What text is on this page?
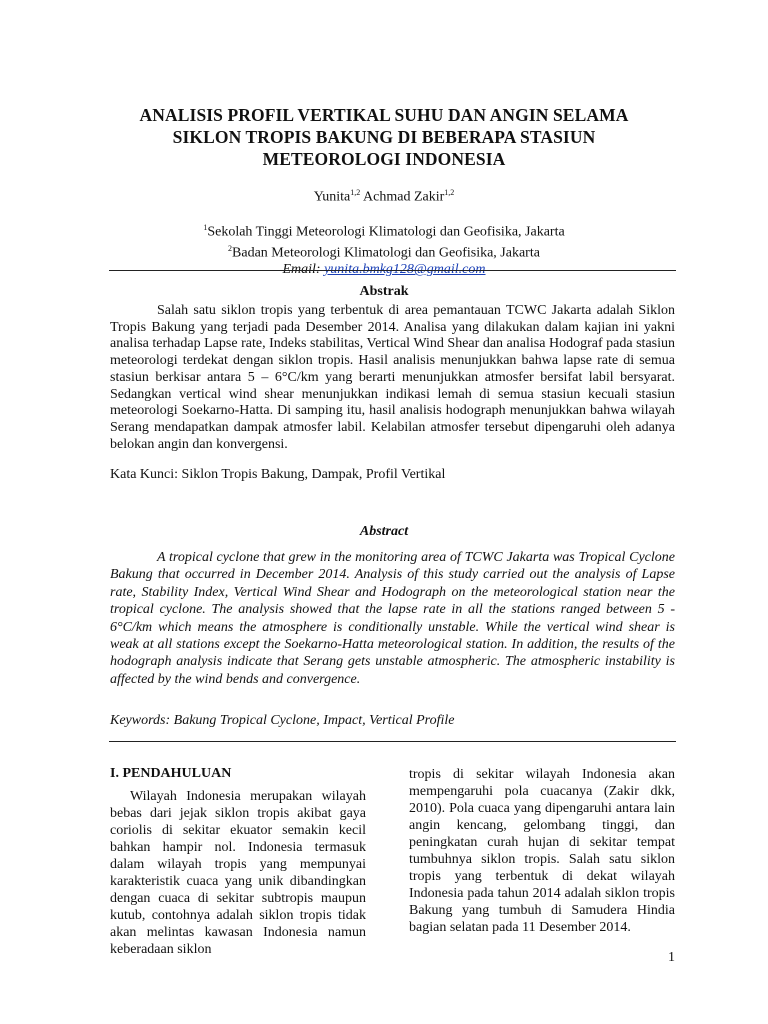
ANALISIS PROFIL VERTIKAL SUHU DAN ANGIN SELAMA
SIKLON TROPIS BAKUNG DI BEBERAPA STASIUN
METEOROLOGI INDONESIA
Yunita$^{1,2}$ Achmad Zakir$^{1,2}$
$^1$Sekolah Tinggi Meteorologi Klimatologi dan Geofisika, Jakarta
$^2$Badan Meteorologi Klimatologi dan Geofisika, Jakarta
Email: yunita.bmkg128@gmail.com
Abstrak

Salah satu siklon tropis yang terbentuk di area pemantauan TCWC Jakarta adalah Siklon Tropis Bakung yang terjadi pada Desember 2014. Analisa yang dilakukan dalam kajian ini yakni analisa terhadap Lapse rate, Indeks stabilitas, Vertical Wind Shear dan analisa Hodograf pada stasiun meteorologi terdekat dengan siklon tropis. Hasil analisis menunjukkan bahwa lapse rate di semua stasiun berkisar antara 5 – 6°C/km yang berarti menunjukkan atmosfer bersifat labil bersyarat. Sedangkan vertical wind shear menunjukkan indikasi lemah di semua stasiun kecuali stasiun meteorologi Soekarno-Hatta. Di samping itu, hasil analisis hodograph menunjukkan bahwa wilayah Serang mendapatkan dampak atmosfer labil. Kelabilan atmosfer tersebut dipengaruhi oleh adanya belokan angin dan konvergensi.

Kata Kunci: Siklon Tropis Bakung, Dampak, Profil Vertikal

Abstract

A tropical cyclone that grew in the monitoring area of TCWC Jakarta was Tropical Cyclone Bakung that occurred in December 2014. Analysis of this study carried out the analysis of Lapse rate, Stability Index, Vertical Wind Shear and Hodograph on the meteorological station near the tropical cyclone. The analysis showed that the lapse rate in all the stations ranged between 5 - 6°C/km which means the atmosphere is conditionally unstable. While the vertical wind shear is weak at all stations except the Soekarno-Hatta meteorological station. In addition, the results of the hodograph analysis indicate that Serang gets unstable atmospheric. The atmospheric instability is affected by the wind bends and convergence.

Keywords: Bakung Tropical Cyclone, Impact, Vertical Profile

I. PENDAHULUAN

Wilayah Indonesia merupakan wilayah bebas dari jejak siklon tropis akibat gaya coriolis di sekitar ekuator semakin kecil bahkan hampir nol. Indonesia termasuk dalam wilayah tropis yang mempunyai karakteristik cuaca yang unik dibandingkan dengan cuaca di sekitar subtropis maupun kutub, contohnya adalah siklon tropis tidak akan melintas kawasan Indonesia namun keberadaan siklon

tropis di sekitar wilayah Indonesia akan mempengaruhi pola cuacanya (Zakir dkk, 2010). Pola cuaca yang dipengaruhi antara lain angin kencang, gelombang tinggi, dan peningkatan curah hujan di sekitar tempat tumbuhnya siklon tropis. Salah satu siklon tropis yang terbentuk di dekat wilayah Indonesia pada tahun 2014 adalah siklon tropis Bakung yang tumbuh di Samudera Hindia bagian selatan pada 11 Desember 2014.

1
